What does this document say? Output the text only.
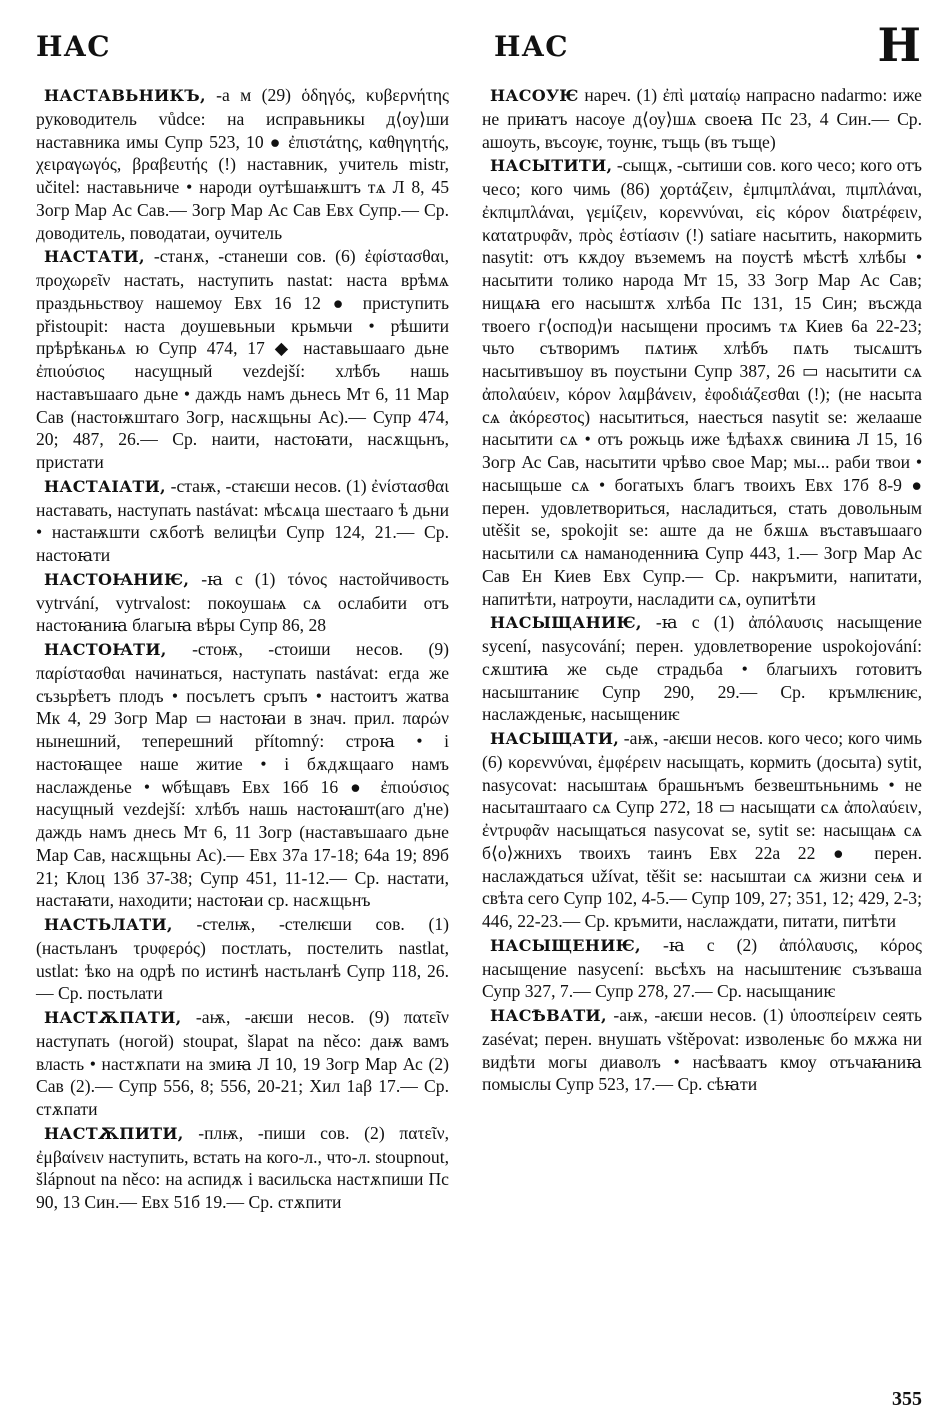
НАС	НАС	Н

НАСТАВЬНИКЪ, -а м (29) ὁδηγός, κυβερνήτης руководитель vůdce: на исправьникы д⟨оу⟩ши наставника имы Супр 523, 10 ● ἐπιστάτης, καθηγητής, χειραγωγός, βραβευτής (!) наставник, учитель mistr, učitel: наставьниче • народи оутѣшаѭштъ тѧ Л 8, 45 Зогр Мар Ас Сав.— Зогр Мар Ас Сав Евх Супр.— Ср. доводитель, поводатаи, оучитель

НАСТАТИ, -станѫ, -станеши сов. (6) ἐφίστασθαι, προχωρεῖν настать, наступить nastat: наста врѣмѧ праздьньствоу нашемоу Евх 16 12 ● приступить přistoupit: наста доушевьныи крьмьчи • рѣшити прѣрѣканьѧ ю Супр 474, 17 ◆ наставьшааго дьне ἐπιούσιος насущный vezdejší: хлѣбъ нашь наставъшааго дьне • даждь намъ дьнесь Мт 6, 11 Мар Сав (настоѭштаго Зогр, насѫщьны Ас).— Супр 474, 20; 487, 26.— Ср. наити, настоꙗти, насѫщьнъ, пристати

НАСТАІАТИ, -стаѭ, -стаѥши несов. (1) ἐνίστασθαι наставать, наступать nastávat: мѣсѧца шестааго ѣ дьни • настаѭшти сѫботѣ велицѣи Супр 124, 21.— Ср. настоꙗти

НАСТОꙖНИѤ, -ꙗ с (1) τόνος настойчивость vytrvání, vytrvalost: покоушаѩ сѧ ослабити отъ настоꙗниꙗ благыꙗ вѣры Супр 86, 28

НАСТОꙖТИ, -стоѭ, -стоиши несов. (9) παρίστασθαι начинаться, наступать nastávat: егда же съзьрѣетъ плодъ • посълетъ сръпъ • настоитъ жатва Мк 4, 29 Зогр Мар ▭ настоꙗи в знач. прил. παρών нынешний, теперешний přítomný: строꙗ • і настоꙗщее наше житие • і бѫдѫщааго намъ наслажденье • ѡбѣщавъ Евх 16б 16 ● ἐπιούσιος насущный vezdejší: хлѣбъ нашь настоꙗшт(аго д'не) даждь намъ днесь Мт 6, 11 Зогр (наставъшааго дьне Мар Сав, насѫщьны Ас).— Евх 37а 17-18; 64а 19; 89б 21; Клоц 13б 37-38; Супр 451, 11-12.— Ср. настати, настаꙗти, находити; настоꙗи ср. насѫщьнъ

НАСТЬЛАТИ, -стелѭ, -стелѥши сов. (1) (настьланъ τρυφερός) постлать, постелить nastlat, ustlat: ѣко на одрѣ по истинѣ настьланѣ Супр 118, 26.— Ср. постьлати

НАСТѪПАТИ, -аѭ, -аѥши несов. (9) πατεῖν наступать (ногой) stoupat, šlapat na něco: даѭ вамъ власть • настѫпати на змиꙗ Л 10, 19 Зогр Мар Ас (2) Сав (2).— Супр 556, 8; 556, 20-21; Хил 1аβ 17.— Ср. стѫпати

НАСТѪПИТИ, -плѭ, -пиши сов. (2) πατεῖν, ἐμβαίνειν наступить, встать на кого-л., что-л. stoupnout, šlápnout na něco: на аспидѫ і васильска настѫпиши Пс 90, 13 Син.— Евх 51б 19.— Ср. стѫпити

НАСОУѤ нареч. (1) ἐπὶ ματαίῳ напрасно nadarmo: иже не приꙗтъ насоуе д⟨оу⟩шѧ своеꙗ Пс 23, 4 Син.— Ср. ашоуть, въсоуѥ, тоунѥ, тъщь (въ тъще)

НАСЫТИТИ, -сыщѫ, -сытиши сов. кого чесо; кого отъ чесо; кого чимь (86) χορτάζειν, ἐμπιμπλάναι, πιμπλάναι, ἐκπιμπλάναι, γεμίζειν, κορεννύναι, εἰς κόρον διατρέφειν, κατατρυφᾶν, πρὸς ἑστίασιν (!) satiare насытить, накормить nasytit: отъ кѫдоу въземемъ на поустѣ мѣстѣ хлѣбы • насытити толико народа Мт 15, 33 Зогр Мар Ас Сав; нищѧꙗ его насыштѫ хлѣба Пс 131, 15 Син; въсжда твоего г⟨оспод⟩и насыщени просимъ тѧ Киев 6а 22-23; чьто сътворимъ пѧтиѭ хлѣбъ пѧть тысѧштъ насытивъшоу въ поустыни Супр 387, 26 ▭ насытити сѧ ἀπολαύειν, κόρον λαμβάνειν, ἐφοδιάζεσθαι (!); (не насыта сѧ ἀκόρεστος) насытиться, наесться nasytit se: желааше насытити сѧ • отъ рожьць иже ѣдѣахѫ свиниꙗ Л 15, 16 Зогр Ас Сав, насытити чрѣво свое Мар; мы... раби твои • насыщьше сѧ • богатыхъ благъ твоихъ Евх 17б 8-9 ● перен. удовлетвориться, насладиться, стать довольным utěšit se, spokojit se: аште да не бѫшѧ въставъшааго насытили сѧ наманоденниꙗ Супр 443, 1.— Зогр Мар Ас Сав Ен Киев Евх Супр.— Ср. накръмити, напитати, напитѣти, натроути, насладити сѧ, оупитѣти

НАСЫЩАНИѤ, -ꙗ с (1) ἀπόλαυσις насыщение sycení, nasycování; перен. удовлетворение uspokojování: сѫштиꙗ же сьде страдьба • благыихъ готовитъ насыштаниѥ Супр 290, 29.— Ср. кръмлѥниѥ, наслажденьѥ, насыщениѥ

НАСЫЩАТИ, -аѭ, -аѥши несов. кого чесо; кого чимь (6) κορεννύναι, ἐμφέρειν насыщать, кормить (досыта) sytit, nasycovat: насыштаѩ брашьнъмъ безвештьньнимь • не насыташтааго сѧ Супр 272, 18 ▭ насыщати сѧ ἀπολαύειν, ἐντρυφᾶν насыщаться nasycovat se, sytit se: насыщаѩ сѧ б⟨о⟩жнихъ твоихъ таинъ Евх 22а 22 ● перен. наслаждаться užívat, těšit se: насыштаи сѧ жизни сеѩ и свѣта сего Супр 102, 4-5.— Супр 109, 27; 351, 12; 429, 2-3; 446, 22-23.— Ср. кръмити, наслаждати, питати, питѣти

НАСЫЩЕНИѤ, -ꙗ с (2) ἀπόλαυσις, κόρος насыщение nasycení: вьсѣхъ на насыштениѥ съзъваша Супр 327, 7.— Супр 278, 27.— Ср. насыщаниѥ

НАСѢВАТИ, -аѭ, -аѥши несов. (1) ὑποσπείρειν сеять zasévat; перен. внушать vštěpovat: изволеньѥ бо мѫжа ни видѣти могы диаволъ • насѣваатъ кмоу отъчаꙗниꙗ помыслы Супр 523, 17.— Ср. сѣꙗти

355
